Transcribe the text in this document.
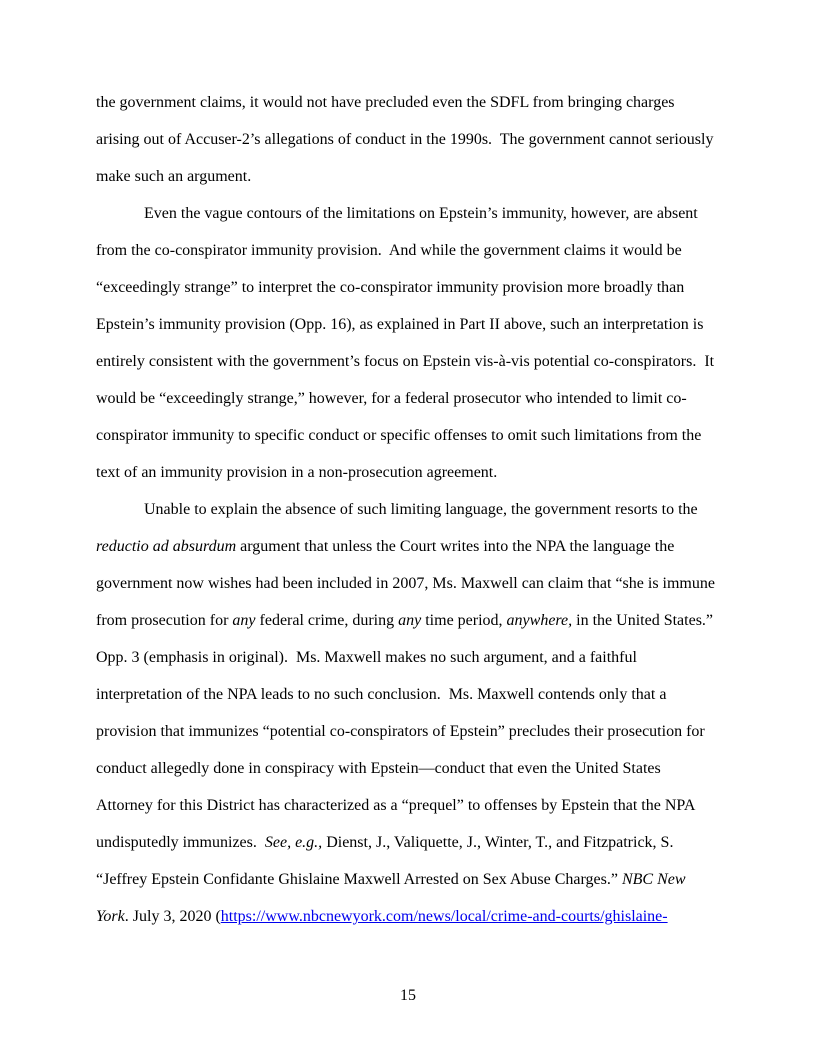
the government claims, it would not have precluded even the SDFL from bringing charges arising out of Accuser-2’s allegations of conduct in the 1990s.  The government cannot seriously make such an argument.

Even the vague contours of the limitations on Epstein’s immunity, however, are absent from the co-conspirator immunity provision.  And while the government claims it would be “exceedingly strange” to interpret the co-conspirator immunity provision more broadly than Epstein’s immunity provision (Opp. 16), as explained in Part II above, such an interpretation is entirely consistent with the government’s focus on Epstein vis-à-vis potential co-conspirators.  It would be “exceedingly strange,” however, for a federal prosecutor who intended to limit co-conspirator immunity to specific conduct or specific offenses to omit such limitations from the text of an immunity provision in a non-prosecution agreement.

Unable to explain the absence of such limiting language, the government resorts to the reductio ad absurdum argument that unless the Court writes into the NPA the language the government now wishes had been included in 2007, Ms. Maxwell can claim that “she is immune from prosecution for any federal crime, during any time period, anywhere, in the United States.”  Opp. 3 (emphasis in original).  Ms. Maxwell makes no such argument, and a faithful interpretation of the NPA leads to no such conclusion.  Ms. Maxwell contends only that a provision that immunizes “potential co-conspirators of Epstein” precludes their prosecution for conduct allegedly done in conspiracy with Epstein—conduct that even the United States Attorney for this District has characterized as a “prequel” to offenses by Epstein that the NPA undisputedly immunizes.  See, e.g., Dienst, J., Valiquette, J., Winter, T., and Fitzpatrick, S. “Jeffrey Epstein Confidante Ghislaine Maxwell Arrested on Sex Abuse Charges.” NBC New York. July 3, 2020 (https://www.nbcnewyork.com/news/local/crime-and-courts/ghislaine-

15
